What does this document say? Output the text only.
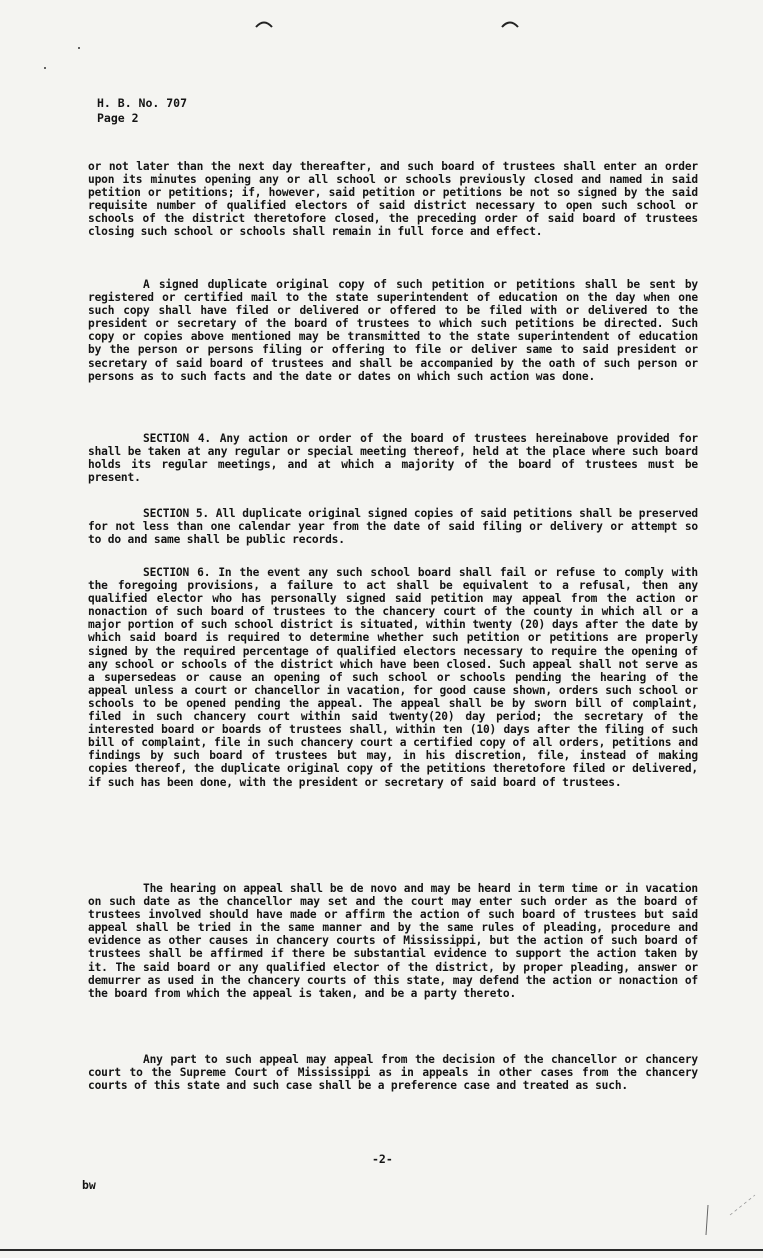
H. B. No. 707
Page 2

or not later than the next day thereafter, and such board of trustees shall enter an order upon its minutes opening any or all school or schools previously closed and named in said petition or petitions; if, however, said petition or petitions be not so signed by the said requisite number of qualified electors of said district necessary to open such school or schools of the district theretofore closed, the preceding order of said board of trustees closing such school or schools shall remain in full force and effect.

A signed duplicate original copy of such petition or petitions shall be sent by registered or certified mail to the state superintendent of education on the day when one such copy shall have filed or delivered or offered to be filed with or delivered to the president or secretary of the board of trustees to which such petitions be directed. Such copy or copies above mentioned may be transmitted to the state superintendent of education by the person or persons filing or offering to file or deliver same to said president or secretary of said board of trustees and shall be accompanied by the oath of such person or persons as to such facts and the date or dates on which such action was done.

SECTION 4. Any action or order of the board of trustees hereinabove provided for shall be taken at any regular or special meeting thereof, held at the place where such board holds its regular meetings, and at which a majority of the board of trustees must be present.

SECTION 5. All duplicate original signed copies of said petitions shall be preserved for not less than one calendar year from the date of said filing or delivery or attempt so to do and same shall be public records.

SECTION 6. In the event any such school board shall fail or refuse to comply with the foregoing provisions, a failure to act shall be equivalent to a refusal, then any qualified elector who has personally signed said petition may appeal from the action or nonaction of such board of trustees to the chancery court of the county in which all or a major portion of such school district is situated, within twenty (20) days after the date by which said board is required to determine whether such petition or petitions are properly signed by the required percentage of qualified electors necessary to require the opening of any school or schools of the district which have been closed. Such appeal shall not serve as a supersedeas or cause an opening of such school or schools pending the hearing of the appeal unless a court or chancellor in vacation, for good cause shown, orders such school or schools to be opened pending the appeal. The appeal shall be by sworn bill of complaint, filed in such chancery court within said twenty(20) day period; the secretary of the interested board or boards of trustees shall, within ten (10) days after the filing of such bill of complaint, file in such chancery court a certified copy of all orders, petitions and findings by such board of trustees but may, in his discretion, file, instead of making copies thereof, the duplicate original copy of the petitions theretofore filed or delivered, if such has been done, with the president or secretary of said board of trustees.

The hearing on appeal shall be de novo and may be heard in term time or in vacation on such date as the chancellor may set and the court may enter such order as the board of trustees involved should have made or affirm the action of such board of trustees but said appeal shall be tried in the same manner and by the same rules of pleading, procedure and evidence as other causes in chancery courts of Mississippi, but the action of such board of trustees shall be affirmed if there be substantial evidence to support the action taken by it. The said board or any qualified elector of the district, by proper pleading, answer or demurrer as used in the chancery courts of this state, may defend the action or nonaction of the board from which the appeal is taken, and be a party thereto.

Any part to such appeal may appeal from the decision of the chancellor or chancery court to the Supreme Court of Mississippi as in appeals in other cases from the chancery courts of this state and such case shall be a preference case and treated as such.

-2-
bw
